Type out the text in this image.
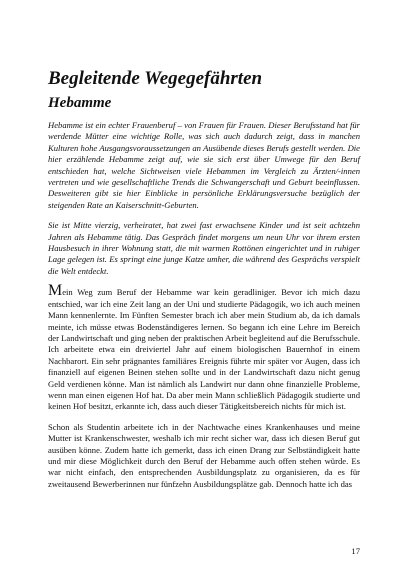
Begleitende Wegegefährten
Hebamme

Hebamme ist ein echter Frauenberuf – von Frauen für Frauen. Dieser Berufsstand hat für werdende Mütter eine wichtige Rolle, was sich auch dadurch zeigt, dass in manchen Kulturen hohe Ausgangsvoraussetzungen an Ausübende dieses Berufs gestellt werden. Die hier erzählende Hebamme zeigt auf, wie sie sich erst über Umwege für den Beruf entschieden hat, welche Sichtweisen viele Hebammen im Vergleich zu Ärzten/-innen vertreten und wie gesellschaftliche Trends die Schwangerschaft und Geburt beeinflussen. Desweiteren gibt sie hier Einblicke in persönliche Erklärungsversuche bezüglich der steigenden Rate an Kaiserschnitt-Geburten.

Sie ist Mitte vierzig, verheiratet, hat zwei fast erwachsene Kinder und ist seit achtzehn Jahren als Hebamme tätig. Das Gespräch findet morgens um neun Uhr vor ihrem ersten Hausbesuch in ihrer Wohnung statt, die mit warmen Rottönen eingerichtet und in ruhiger Lage gelegen ist. Es springt eine junge Katze umher, die während des Gesprächs verspielt die Welt entdeckt.

Mein Weg zum Beruf der Hebamme war kein geradliniger. Bevor ich mich dazu entschied, war ich eine Zeit lang an der Uni und studierte Pädagogik, wo ich auch meinen Mann kennenlernte. Im Fünften Semester brach ich aber mein Studium ab, da ich damals meinte, ich müsse etwas Bodenständigeres lernen. So begann ich eine Lehre im Bereich der Landwirtschaft und ging neben der praktischen Arbeit begleitend auf die Berufsschule. Ich arbeitete etwa ein dreiviertel Jahr auf einem biologischen Bauernhof in einem Nachbarort. Ein sehr prägnantes familiäres Ereignis führte mir später vor Augen, dass ich finanziell auf eigenen Beinen stehen sollte und in der Landwirtschaft dazu nicht genug Geld verdienen könne. Man ist nämlich als Landwirt nur dann ohne finanzielle Probleme, wenn man einen eigenen Hof hat. Da aber mein Mann schließlich Pädagogik studierte und keinen Hof besitzt, erkannte ich, dass auch dieser Tätigkeitsbereich nichts für mich ist.

Schon als Studentin arbeitete ich in der Nachtwache eines Krankenhauses und meine Mutter ist Krankenschwester, weshalb ich mir recht sicher war, dass ich diesen Beruf gut ausüben könne. Zudem hatte ich gemerkt, dass ich einen Drang zur Selbständigkeit hatte und mir diese Möglichkeit durch den Beruf der Hebamme auch offen stehen würde. Es war nicht einfach, den entsprechenden Ausbildungsplatz zu organisieren, da es für zweitausend Bewerberinnen nur fünfzehn Ausbildungsplätze gab. Dennoch hatte ich das

17
